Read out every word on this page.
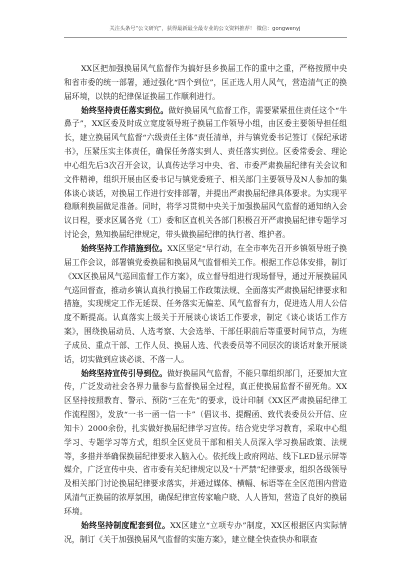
关注头条号“公文研究”，获得最新最全最专业的公文资料推荐！ 微信：gongwenyj

XX区把加强换届风气监督作为搞好县乡换届工作的重中之重，严格按照中央和省市委的统一部署，通过强化“四个到位”，匡正选人用人风气，营造清气正的换届环境，以铁的纪律保证换届工作顺利进行。

始终坚持责任落实到位。做好换届风气监督工作，需要紧紧扭住责任这个“牛鼻子”，XX区委及时成立宽度领导班子换届工作领导小组，由区委主要领导担任组长，建立换届风气监督“六级责任主体”责任清单，并与镇党委书记签订《保纪承诺书》，压紧压实主体责任，确保任务落实到人、责任落实到位。区委常委会、理论中心组先后3次召开会议，认真传达学习中央、省、市委严肃换届纪律有关会议和文件精神，组织开展由区委书记与镇党委班子、相关部门主要领导及N人参加的集体谈心谈话，对换届工作进行安排部署，并提出严肃换届纪律具体要求。为实现平稳顺利换届做足准备。同时，将学习贯彻中央关于加强换届风气监督的通知纳入会议日程，要求区属各党（工）委和区直机关各部门积极召开严肃换届纪律专题学习讨论会，熟知换届纪律规定，带头做换届纪律的执行者、维护者。

始终坚持工作措施到位。XX区坚定“早行动，在全市率先召开乡镇领导班子换届工作会议，部署镇党委换届和换届风气监督相关工作。根据工作总体安排，制订《XX区换届风气巡回监督工作方案》，成立督导组进行现场督导，通过开展换届风气巡回督查，推动乡镇认真执行换届工作政策法规、全面落实严肃换届纪律要求和措施，实现规定工作无延误、任务落实无偏差、风气监督有力，促进选人用人公信度不断提高。认真落实上级关于开展谈心谈话工作要求，制定《谈心谈话工作方案》，围绕换届动员、人选考察、大会选举、干部任职前后等重要时间节点，为班子成员、重点干部、工作人员、换届人选、代表委员等不同层次的谈话对象开展谈话，切实做到应谈必谈、不落一人。

始终坚持宣传引导到位。做好换届风气监督，不能只靠组织部门，还要加大宣传，广泛发动社会各界力量参与监督换届全过程，真正使换届监督不留死角。XX区坚持按照教育、警示、预防“三在先”的要求，设计印制《XX区严肃换届纪律工作流程图》，发放“一书一函一信一卡”（倡议书、提醒函、致代表委员公开信、应知卡）2000余份，扎实做好换届纪律学习宣传。结合党史学习教育，采取中心组学习、专题学习等方式，组织全区党员干部和相关人员深入学习换届政策、法规等，多措并举确保换届纪律要求入脑入心。依托线上政府网站、线下LED显示屏等媒介，广泛宣传中央、省市委有关纪律规定以及“十严禁”纪律要求，组织各级领导及相关部门讨论换届纪律要求落实，并通过媒体、横幅、标语等在全区范围内营造风清气正换届的浓厚氛围，确保纪律宣传家喻户晓、人人皆知，营造了良好的换届环境。

始终坚持制度配套到位。XX区建立“立项专办”制度，XX区根据区内实际情况，制订《关于加强换届风气监督的实施方案》，建立健全快查快办和联查
